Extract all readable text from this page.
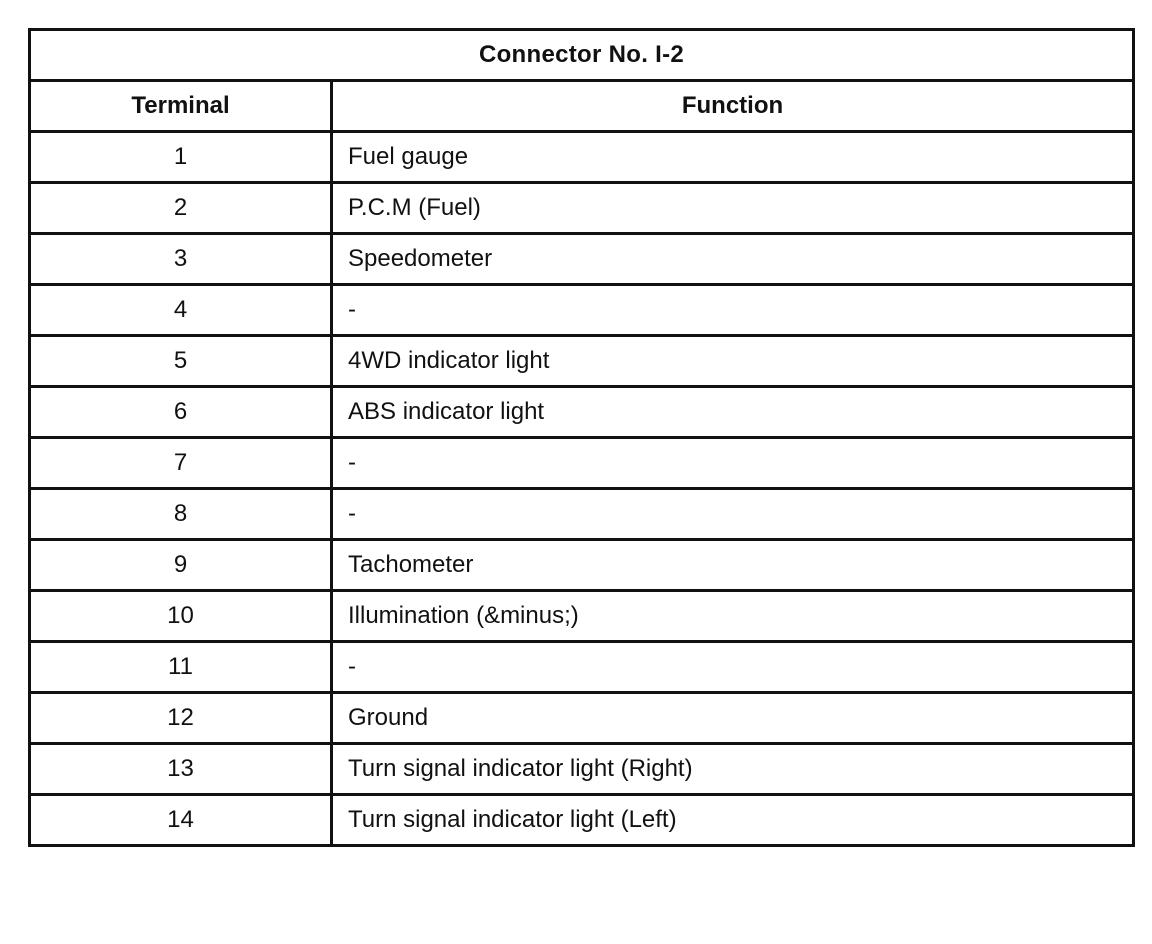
Connector No. I-2	
Terminal	Function
1	Fuel gauge
2	P.C.M (Fuel)
3	Speedometer
4	-
5	4WD indicator light
6	ABS indicator light
7	-
8	-
9	Tachometer
10	Illumination (&minus;)
11	-
12	Ground
13	Turn signal indicator light (Right)
14	Turn signal indicator light (Left)
